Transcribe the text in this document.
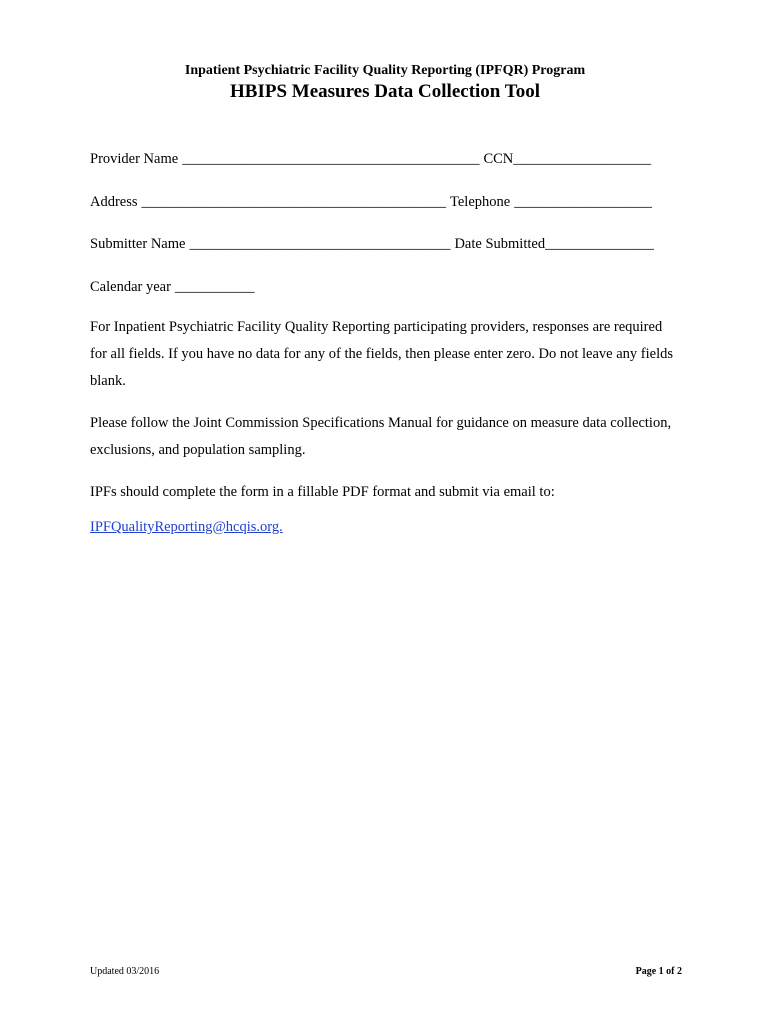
Inpatient Psychiatric Facility Quality Reporting (IPFQR) Program
HBIPS Measures Data Collection Tool
Provider Name _________________________________________ CCN ___________________
Address __________________________________________ Telephone ___________________
Submitter Name ____________________________________ Date Submitted _______________
Calendar year ___________
For Inpatient Psychiatric Facility Quality Reporting participating providers, responses are required for all fields. If you have no data for any of the fields, then please enter zero. Do not leave any fields blank.
Please follow the Joint Commission Specifications Manual for guidance on measure data collection, exclusions, and population sampling.
IPFs should complete the form in a fillable PDF format and submit via email to:
IPFQualityReporting@hcqis.org.
Updated 03/2016	Page 1 of 2
